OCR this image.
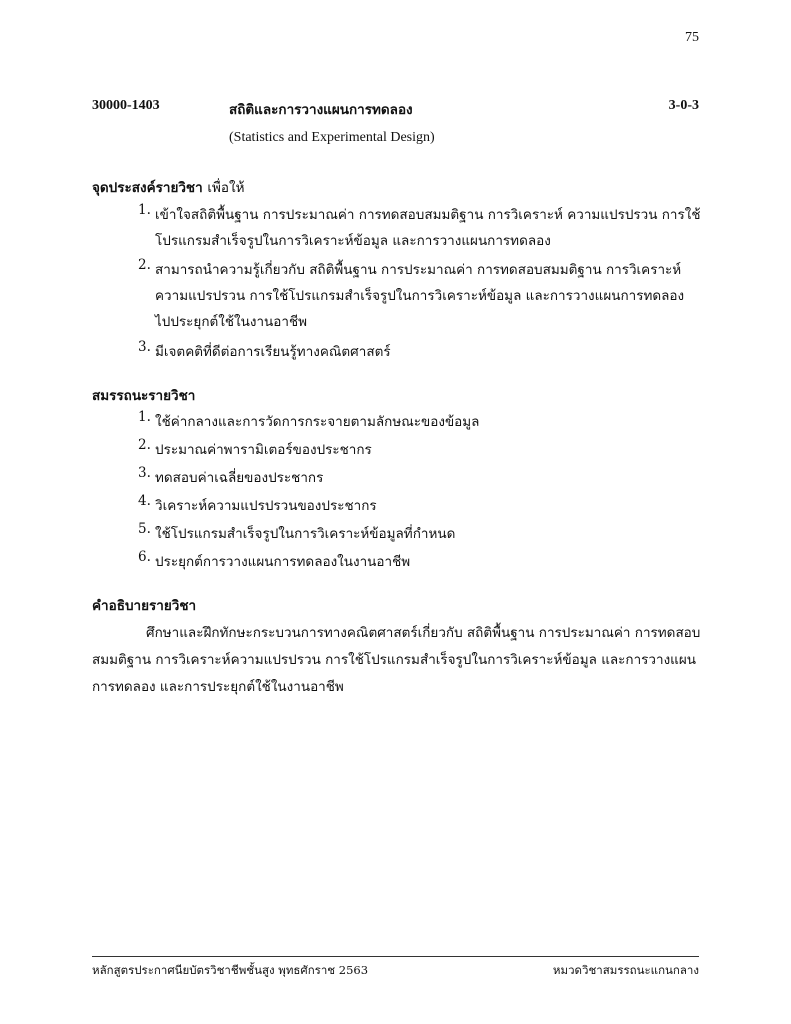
75
30000-1403	สถิติและการวางแผนการทดลอง	3-0-3
(Statistics and Experimental Design)
จุดประสงค์รายวิชา เพื่อให้
1. เข้าใจสถิติพื้นฐาน การประมาณค่า การทดสอบสมมติฐาน การวิเคราะห์ ความแปรปรวน การใช้
โปรแกรมสำเร็จรูปในการวิเคราะห์ข้อมูล และการวางแผนการทดลอง
2. สามารถนำความรู้เกี่ยวกับ สถิติพื้นฐาน การประมาณค่า การทดสอบสมมติฐาน การวิเคราะห์
ความแปรปรวน การใช้โปรแกรมสำเร็จรูปในการวิเคราะห์ข้อมูล และการวางแผนการทดลอง
ไปประยุกต์ใช้ในงานอาชีพ
3. มีเจตคติที่ดีต่อการเรียนรู้ทางคณิตศาสตร์
สมรรถนะรายวิชา
1. ใช้ค่ากลางและการวัดการกระจายตามลักษณะของข้อมูล
2. ประมาณค่าพารามิเตอร์ของประชากร
3. ทดสอบค่าเฉลี่ยของประชากร
4. วิเคราะห์ความแปรปรวนของประชากร
5. ใช้โปรแกรมสำเร็จรูปในการวิเคราะห์ข้อมูลที่กำหนด
6. ประยุกต์การวางแผนการทดลองในงานอาชีพ
คำอธิบายรายวิชา
ศึกษาและฝึกทักษะกระบวนการทางคณิตศาสตร์เกี่ยวกับ สถิติพื้นฐาน การประมาณค่า การทดสอบ
สมมติฐาน การวิเคราะห์ความแปรปรวน การใช้โปรแกรมสำเร็จรูปในการวิเคราะห์ข้อมูล และการวางแผน
การทดลอง และการประยุกต์ใช้ในงานอาชีพ
หลักสูตรประกาศนียบัตรวิชาชีพชั้นสูง พุทธศักราช 2563	หมวดวิชาสมรรถนะแกนกลาง
